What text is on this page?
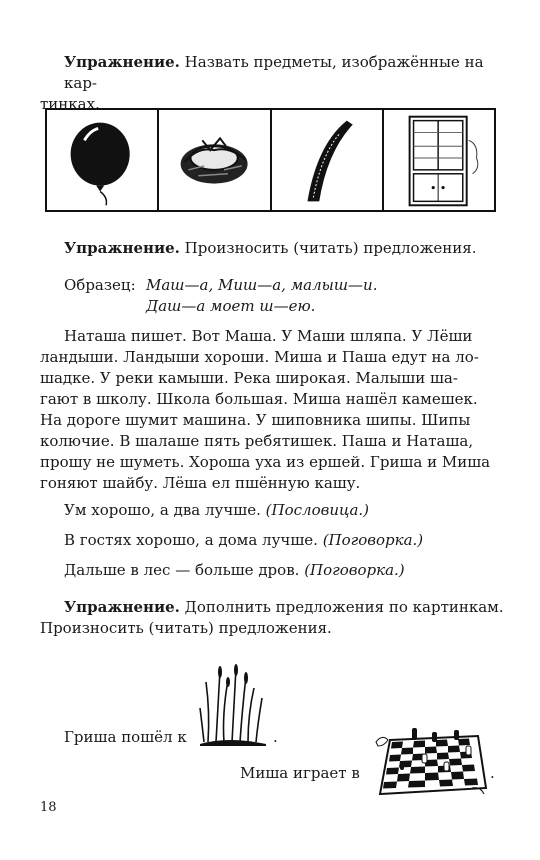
Упражнение. Назвать предметы, изображённые на кар-
тинках.

Упражнение. Произносить (читать) предложения.

Образец: Маш—а, Миш—а, малыш—и.
Даш—а моет ш—ею.
Наташа пишет. Вот Маша. У Маши шляпа. У Лёши
ландыши. Ландыши хороши. Миша и Паша едут на ло-
шадке. У реки камыши. Река широкая. Малыши ша-
гают в школу. Школа большая. Миша нашёл камешек.
На дороге шумит машина. У шиповника шипы. Шипы
колючие. В шалаше пять ребятишек. Паша и Наташа,
прошу не шуметь. Хороша уха из ершей. Гриша и Миша
гоняют шайбу. Лёша ел пшённую кашу.

Ум хорошо, а два лучше. (Пословица.)

В гостях хорошо, а дома лучше. (Поговорка.)

Дальше в лес — больше дров. (Поговорка.)

Упражнение. Дополнить предложения по картинкам.
Произносить (читать) предложения.

Гриша пошёл к	.
Миша играет в	.
18
